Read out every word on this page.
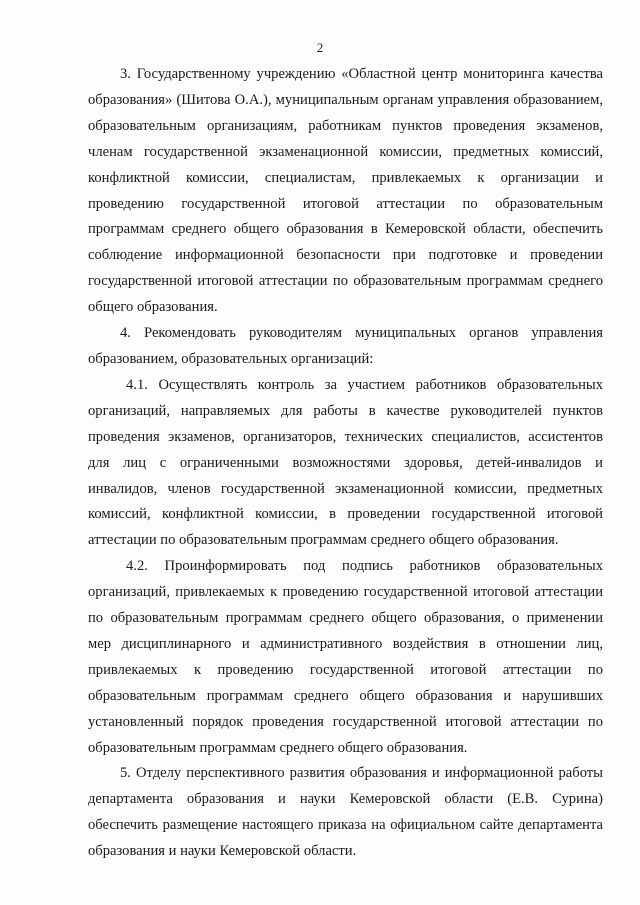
2

3. Государственному учреждению «Областной центр мониторинга качества образования» (Шитова О.А.), муниципальным органам управления образованием, образовательным организациям, работникам пунктов проведения экзаменов, членам государственной экзаменационной комиссии, предметных комиссий, конфликтной комиссии, специалистам, привлекаемых к организации и проведению государственной итоговой аттестации по образовательным программам среднего общего образования в Кемеровской области, обеспечить соблюдение информационной безопасности при подготовке и проведении государственной итоговой аттестации по образовательным программам среднего общего образования.

4. Рекомендовать руководителям муниципальных органов управления образованием, образовательных организаций:

4.1. Осуществлять контроль за участием работников образовательных организаций, направляемых для работы в качестве руководителей пунктов проведения экзаменов, организаторов, технических специалистов, ассистентов для лиц с ограниченными возможностями здоровья, детей-инвалидов и инвалидов, членов государственной экзаменационной комиссии, предметных комиссий, конфликтной комиссии, в проведении государственной итоговой аттестации по образовательным программам среднего общего образования.

4.2. Проинформировать под подпись работников образовательных организаций, привлекаемых к проведению государственной итоговой аттестации по образовательным программам среднего общего образования, о применении мер дисциплинарного и административного воздействия в отношении лиц, привлекаемых к проведению государственной итоговой аттестации по образовательным программам среднего общего образования и нарушивших установленный порядок проведения государственной итоговой аттестации по образовательным программам среднего общего образования.

5. Отделу перспективного развития образования и информационной работы департамента образования и науки Кемеровской области (Е.В. Сурина) обеспечить размещение настоящего приказа на официальном сайте департамента образования и науки Кемеровской области.
